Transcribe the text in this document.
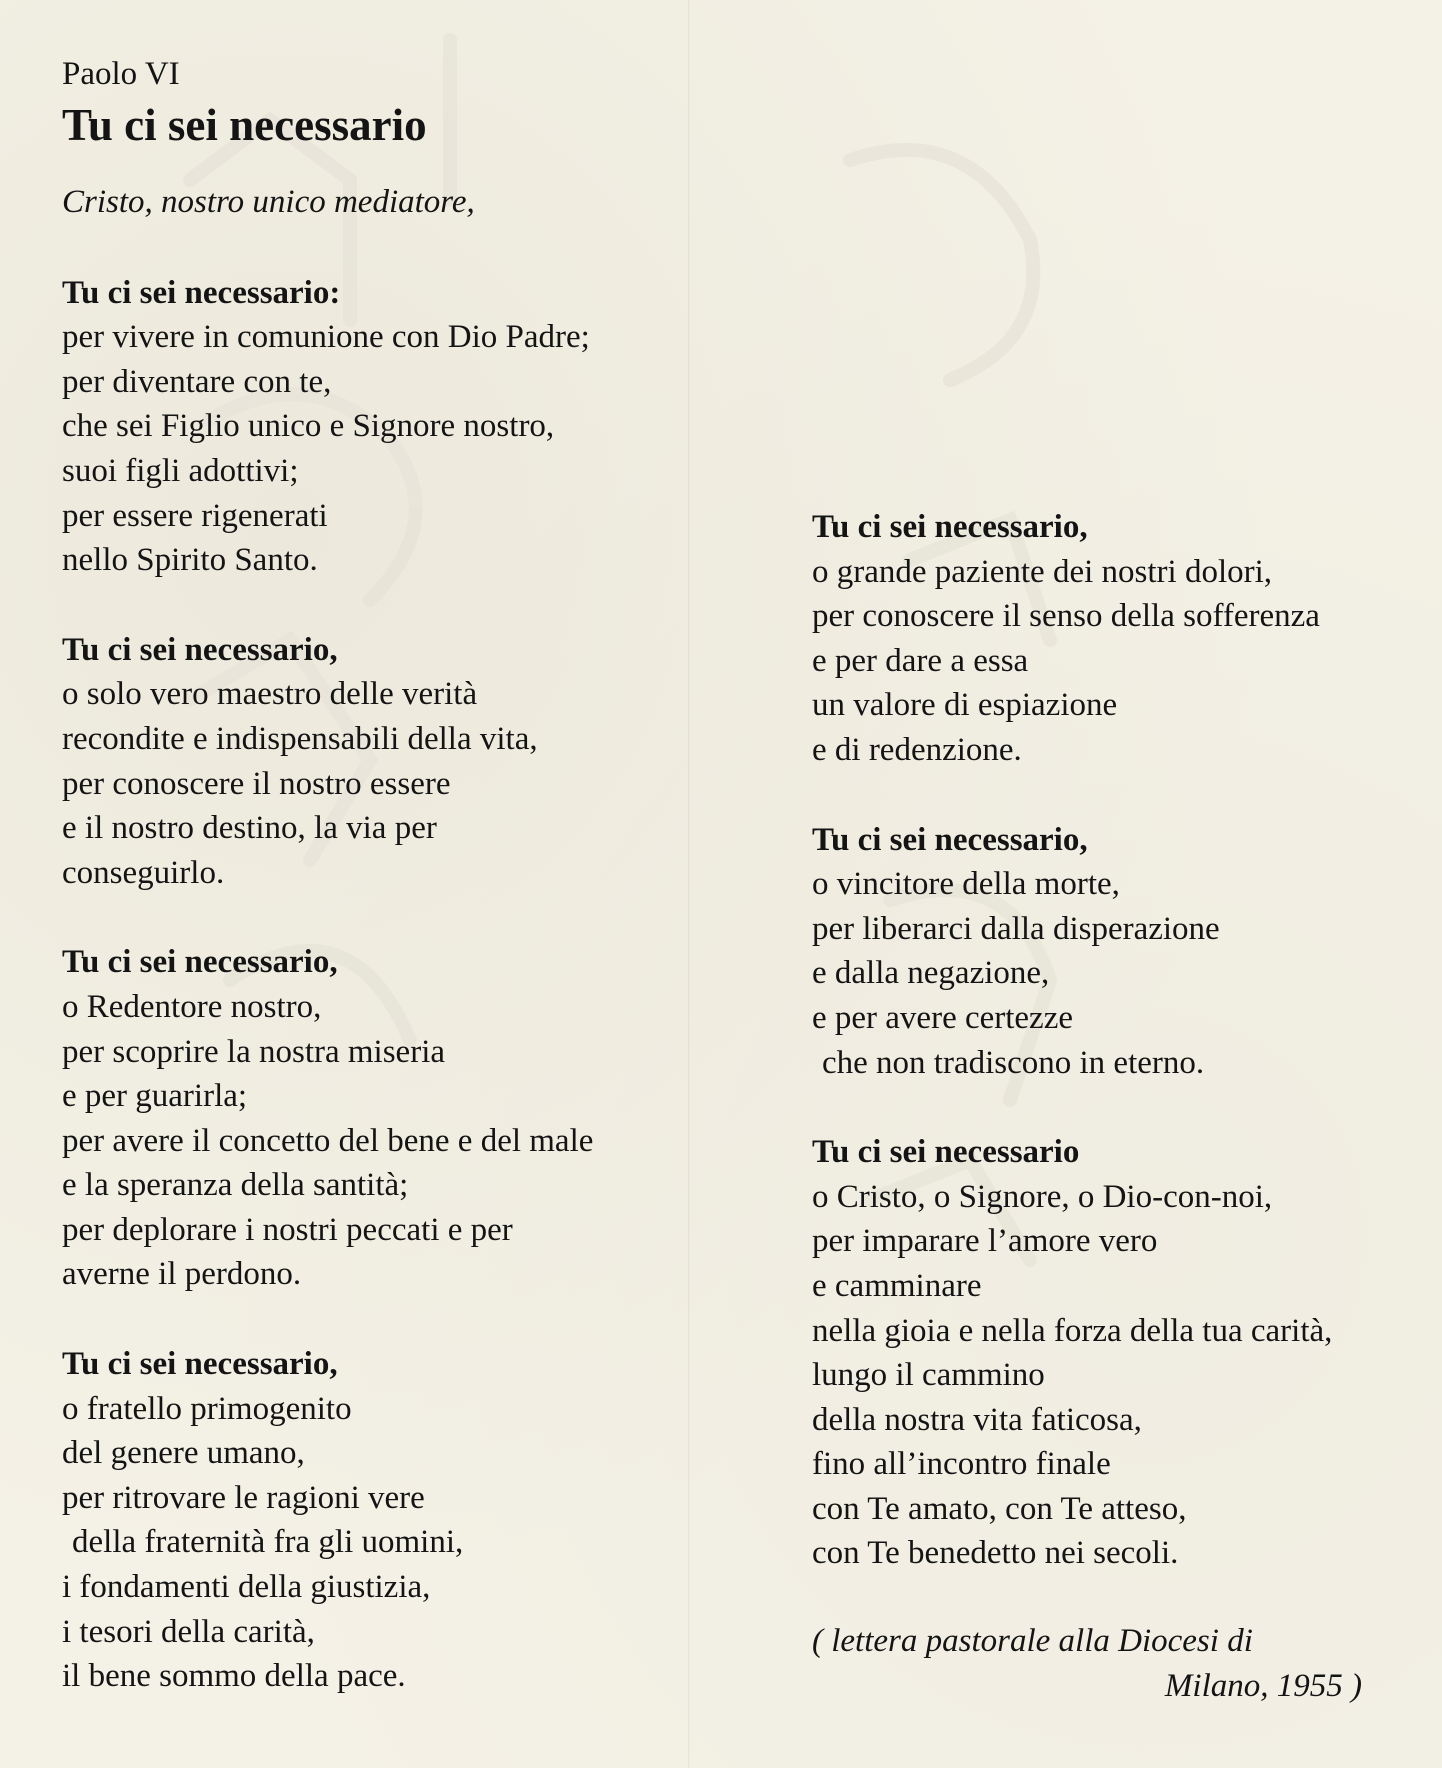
Paolo VI

Tu ci sei necessario

Cristo, nostro unico mediatore,

Tu ci sei necessario:
per vivere in comunione con Dio Padre;
per diventare con te,
che sei Figlio unico e Signore nostro,
suoi figli adottivi;
per essere rigenerati
nello Spirito Santo.
Tu ci sei necessario,
o solo vero maestro delle verità
recondite e indispensabili della vita,
per conoscere il nostro essere
e il nostro destino, la via per
conseguirlo.
Tu ci sei necessario,
o Redentore nostro,
per scoprire la nostra miseria
e per guarirla;
per avere il concetto del bene e del male
e la speranza della santità;
per deplorare i nostri peccati e per
averne il perdono.
Tu ci sei necessario,
o fratello primogenito
del genere umano,
per ritrovare le ragioni vere
della fraternità fra gli uomini,
i fondamenti della giustizia,
i tesori della carità,
il bene sommo della pace.
Tu ci sei necessario,
o grande paziente dei nostri dolori,
per conoscere il senso della sofferenza
e per dare a essa
un valore di espiazione
e di redenzione.
Tu ci sei necessario,
o vincitore della morte,
per liberarci dalla disperazione
e dalla negazione,
e per avere certezze
che non tradiscono in eterno.
Tu ci sei necessario
o Cristo, o Signore, o Dio-con-noi,
per imparare l’amore vero
e camminare
nella gioia e nella forza della tua carità,
lungo il cammino
della nostra vita faticosa,
fino all’incontro finale
con Te amato, con Te atteso,
con Te benedetto nei secoli.
( lettera pastorale alla Diocesi di
Milano, 1955 )
